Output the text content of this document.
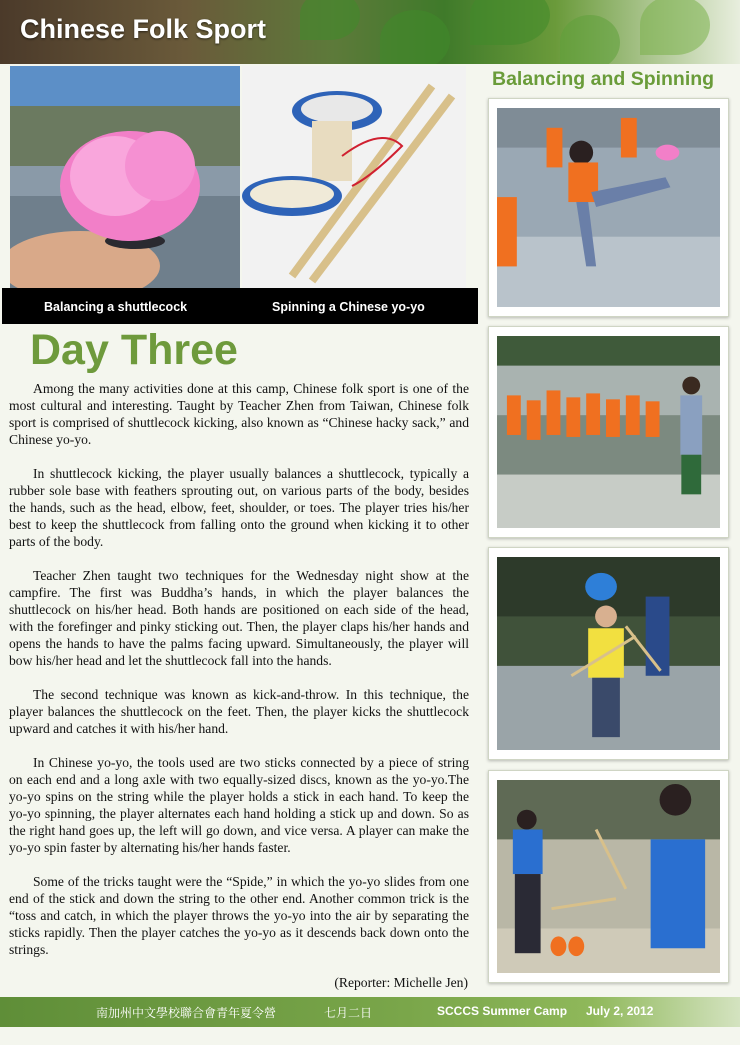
Chinese Folk Sport
Balancing a shuttlecock	Spinning a Chinese yo-yo
Balancing and Spinning
Day Three

Among the many activities done at this camp, Chinese folk sport is one of the most cultural and interesting. Taught by Teacher Zhen from Taiwan, Chinese folk sport is comprised of shuttlecock kicking, also known as “Chinese hacky sack,” and Chinese yo-yo.

In shuttlecock kicking, the player usually balances a shuttlecock, typically a rubber sole base with feathers sprouting out, on various parts of the body, besides the hands, such as the head, elbow, feet, shoulder, or toes. The player tries his/her best to keep the shuttlecock from falling onto the ground when kicking it to other parts of the body.

Teacher Zhen taught two techniques for the Wednesday night show at the campfire. The first was Buddha’s hands, in which the player balances the shuttlecock on his/her head. Both hands are positioned on each side of the head, with the forefinger and pinky sticking out. Then, the player claps his/her hands and opens the hands to have the palms facing upward. Simultaneously, the player will bow his/her head and let the shuttlecock fall into the hands.

The second technique was known as kick-and-throw. In this technique, the player balances the shuttlecock on the feet. Then, the player kicks the shuttlecock upward and catches it with his/her hand.

In Chinese yo-yo, the tools used are two sticks connected by a piece of string on each end and a long axle with two equally-sized discs, known as the yo-yo.The yo-yo spins on the string while the player holds a stick in each hand. To keep the yo-yo spinning, the player alternates each hand holding a stick up and down. So as the right hand goes up, the left will go down, and vice versa. A player can make the yo-yo spin faster by alternating his/her hands faster.

Some of the tricks taught were the “Spide,” in which the yo-yo slides from one end of the stick and down the string to the other end. Another common trick is the “toss and catch, in which the player throws the yo-yo into the air by separating the sticks rapidly. Then the player catches the yo-yo as it descends back down onto the strings.

(Reporter: Michelle Jen)
南加州中文學校聯合會青年夏令營	七月二日	SCCCS Summer Camp July 2, 2012
